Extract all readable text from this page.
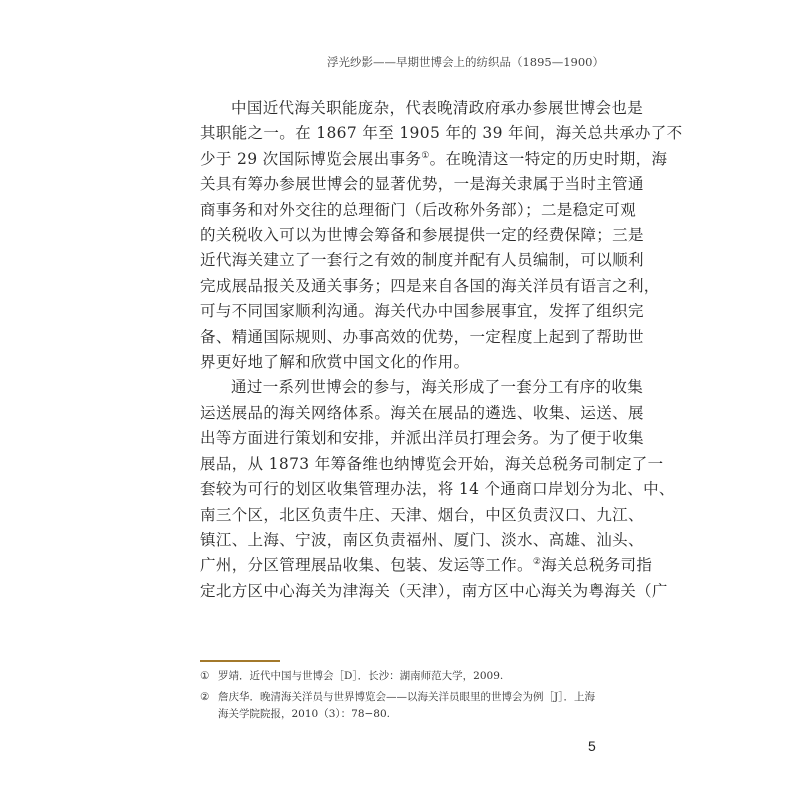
浮光纱影——早期世博会上的纺织品（1895—1900）

中国近代海关职能庞杂，代表晚清政府承办参展世博会也是
其职能之一。在 1867 年至 1905 年的 39 年间，海关总共承办了不
少于 29 次国际博览会展出事务①。在晚清这一特定的历史时期，海
关具有筹办参展世博会的显著优势，一是海关隶属于当时主管通
商事务和对外交往的总理衙门（后改称外务部）；二是稳定可观
的关税收入可以为世博会筹备和参展提供一定的经费保障；三是
近代海关建立了一套行之有效的制度并配有人员编制，可以顺利
完成展品报关及通关事务；四是来自各国的海关洋员有语言之利，
可与不同国家顺利沟通。海关代办中国参展事宜，发挥了组织完
备、精通国际规则、办事高效的优势，一定程度上起到了帮助世
界更好地了解和欣赏中国文化的作用。

通过一系列世博会的参与，海关形成了一套分工有序的收集
运送展品的海关网络体系。海关在展品的遴选、收集、运送、展
出等方面进行策划和安排，并派出洋员打理会务。为了便于收集
展品，从 1873 年筹备维也纳博览会开始，海关总税务司制定了一
套较为可行的划区收集管理办法，将 14 个通商口岸划分为北、中、
南三个区，北区负责牛庄、天津、烟台，中区负责汉口、九江、
镇江、上海、宁波，南区负责福州、厦门、淡水、高雄、汕头、
广州，分区管理展品收集、包装、发运等工作。②海关总税务司指
定北方区中心海关为津海关（天津），南方区中心海关为粤海关（广

① 罗靖．近代中国与世博会［D］．长沙：湖南师范大学，2009.
② 詹庆华．晚清海关洋员与世界博览会——以海关洋员眼里的世博会为例［J］．上海海关学院院报，2010（3）：78−80.
5
